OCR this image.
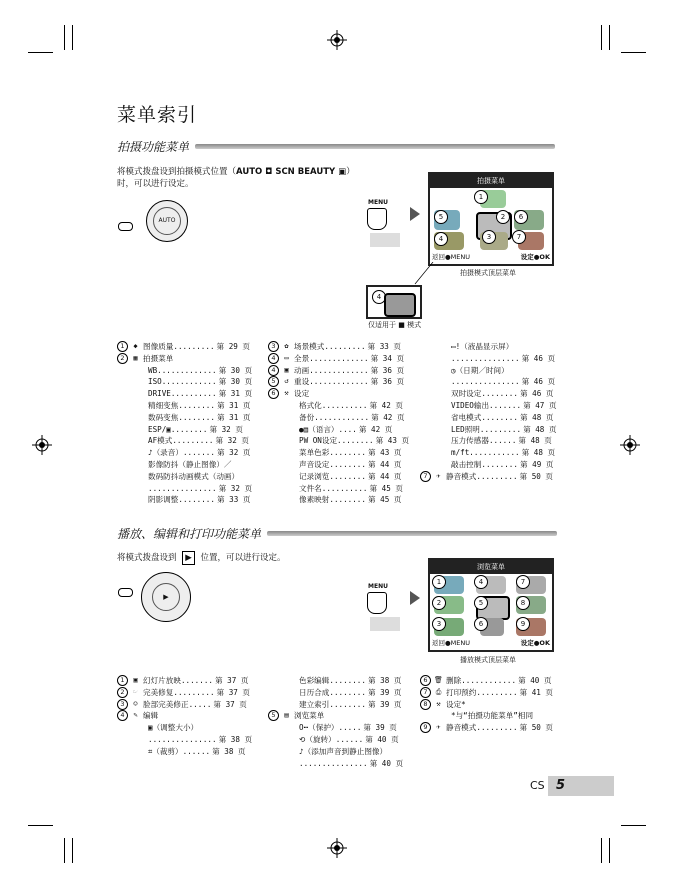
菜单索引
拍摄功能菜单
将模式拨盘设到拍摄模式位置（AUTO ◘ SCN BEAUTY ▣）
时，可以进行设定。
AUTO
MENU
拍摄菜单
1
5	6
4	3	7
2
返回●MENU	设定●OK
拍摄模式顶层菜单
4
仅适用于 ■ 模式
1	◆ 图像质量 ......... 第 29 页
2	▦ 拍摄菜单
WB ............. 第 30 页
ISO ............ 第 30 页
DRIVE .......... 第 31 页
精细变焦 ........ 第 31 页
数码变焦 ........ 第 31 页
ESP/▣ ........ 第 32 页
AF模式 ......... 第 32 页
♪（录音） ....... 第 32 页
影像防抖（静止图像）／
数码防抖动画模式（动画）
............... 第 32 页
阴影调整 ........ 第 33 页
3	✿ 场景模式 ......... 第 33 页
4	▭ 全景 ............. 第 34 页
4	▣ 动画 ............. 第 36 页
5	↺ 重设 ............. 第 36 页
6	⚒ 设定
格式化 .......... 第 42 页
备份 ............ 第 42 页
●▤（语言） .... 第 42 页
PW ON设定 ........ 第 43 页
菜单色彩 ........ 第 43 页
声音设定 ........ 第 44 页
记录浏览 ........ 第 44 页
文件名 .......... 第 45 页
像素映射 ........ 第 45 页
▭!（液晶显示屏）
............... 第 46 页
◷（日期／时间）
............... 第 46 页
双时设定 ........ 第 46 页
VIDEO输出 ....... 第 47 页
省电模式 ........ 第 48 页
LED照明 ......... 第 48 页
压力传感器 ...... 第 48 页
m/ft ........... 第 48 页
敲击控制 ........ 第 49 页
7	✈ 静音模式 ......... 第 50 页
播放、编辑和打印功能菜单
将模式拨盘设到 ▶ 位置，可以进行设定。
▶
MENU
浏览菜单
1	4	7
2	5	8
3	6	9
返回●MENU	设定●OK
播放模式顶层菜单
1	▣ 幻灯片放映 ....... 第 37 页
2	☞ 完美修复 ......... 第 37 页
3	☺ 脸部完美修正 ..... 第 37 页
4	✎ 编辑
▣（调整大小）
............... 第 38 页
⌗（裁剪） ...... 第 38 页
色彩编辑 ........ 第 38 页
日历合成 ........ 第 39 页
建立索引 ........ 第 39 页
5	▤ 浏览菜单
O┅（保护） ..... 第 39 页
⟲（旋转） ...... 第 40 页
♪（添加声音到静止图像）
............... 第 40 页
6 🗑 删除 ............ 第 40 页
7	⎙ 打印预约 ......... 第 41 页
8	⚒ 设定*
*与“拍摄功能菜单”相同
9	✈ 静音模式 ......... 第 50 页
CS 5
